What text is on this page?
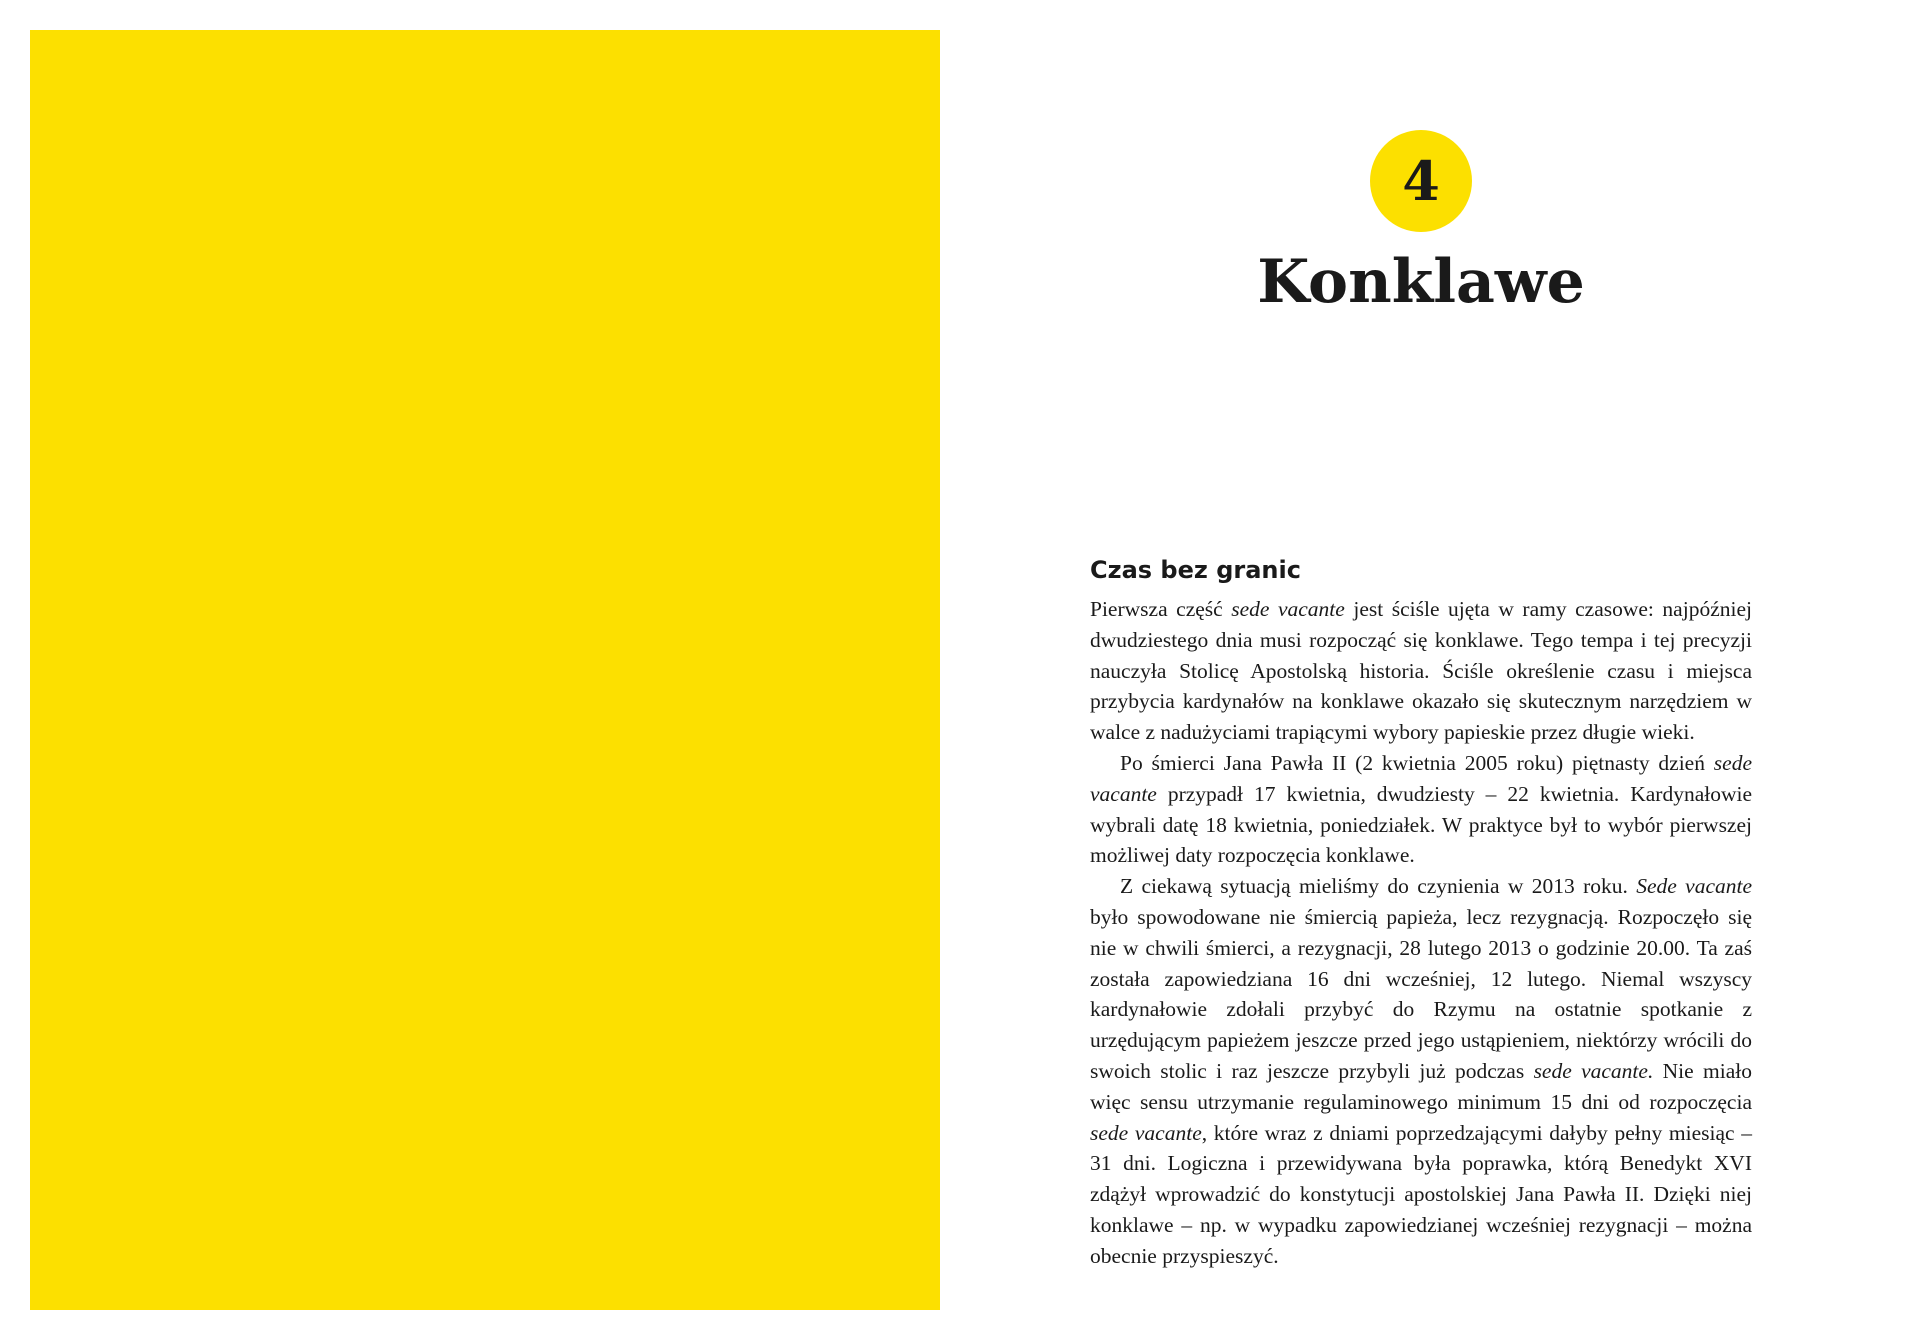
4
Konklawe
Czas bez granic

Pierwsza część sede vacante jest ściśle ujęta w ramy czasowe: najpóźniej dwudziestego dnia musi rozpocząć się konklawe. Tego tempa i tej precyzji nauczyła Stolicę Apostolską historia. Ściśle określenie czasu i miejsca przybycia kardynałów na konklawe okazało się skutecznym narzędziem w walce z nadużyciami trapiącymi wybory papieskie przez długie wieki.

Po śmierci Jana Pawła II (2 kwietnia 2005 roku) piętnasty dzień sede vacante przypadł 17 kwietnia, dwudziesty – 22 kwietnia. Kardynałowie wybrali datę 18 kwietnia, poniedziałek. W praktyce był to wybór pierwszej możliwej daty rozpoczęcia konklawe.

Z ciekawą sytuacją mieliśmy do czynienia w 2013 roku. Sede vacante było spowodowane nie śmiercią papieża, lecz rezygnacją. Rozpoczęło się nie w chwili śmierci, a rezygnacji, 28 lutego 2013 o godzinie 20.00. Ta zaś została zapowiedziana 16 dni wcześniej, 12 lutego. Niemal wszyscy kardynałowie zdołali przybyć do Rzymu na ostatnie spotkanie z urzędującym papieżem jeszcze przed jego ustąpieniem, niektórzy wrócili do swoich stolic i raz jeszcze przybyli już podczas sede vacante. Nie miało więc sensu utrzymanie regulaminowego minimum 15 dni od rozpoczęcia sede vacante, które wraz z dniami poprzedzającymi dałyby pełny miesiąc – 31 dni. Logiczna i przewidywana była poprawka, którą Benedykt XVI zdążył wprowadzić do konstytucji apostolskiej Jana Pawła II. Dzięki niej konklawe – np. w wypadku zapowiedzianej wcześniej rezygnacji – można obecnie przyspieszyć.
